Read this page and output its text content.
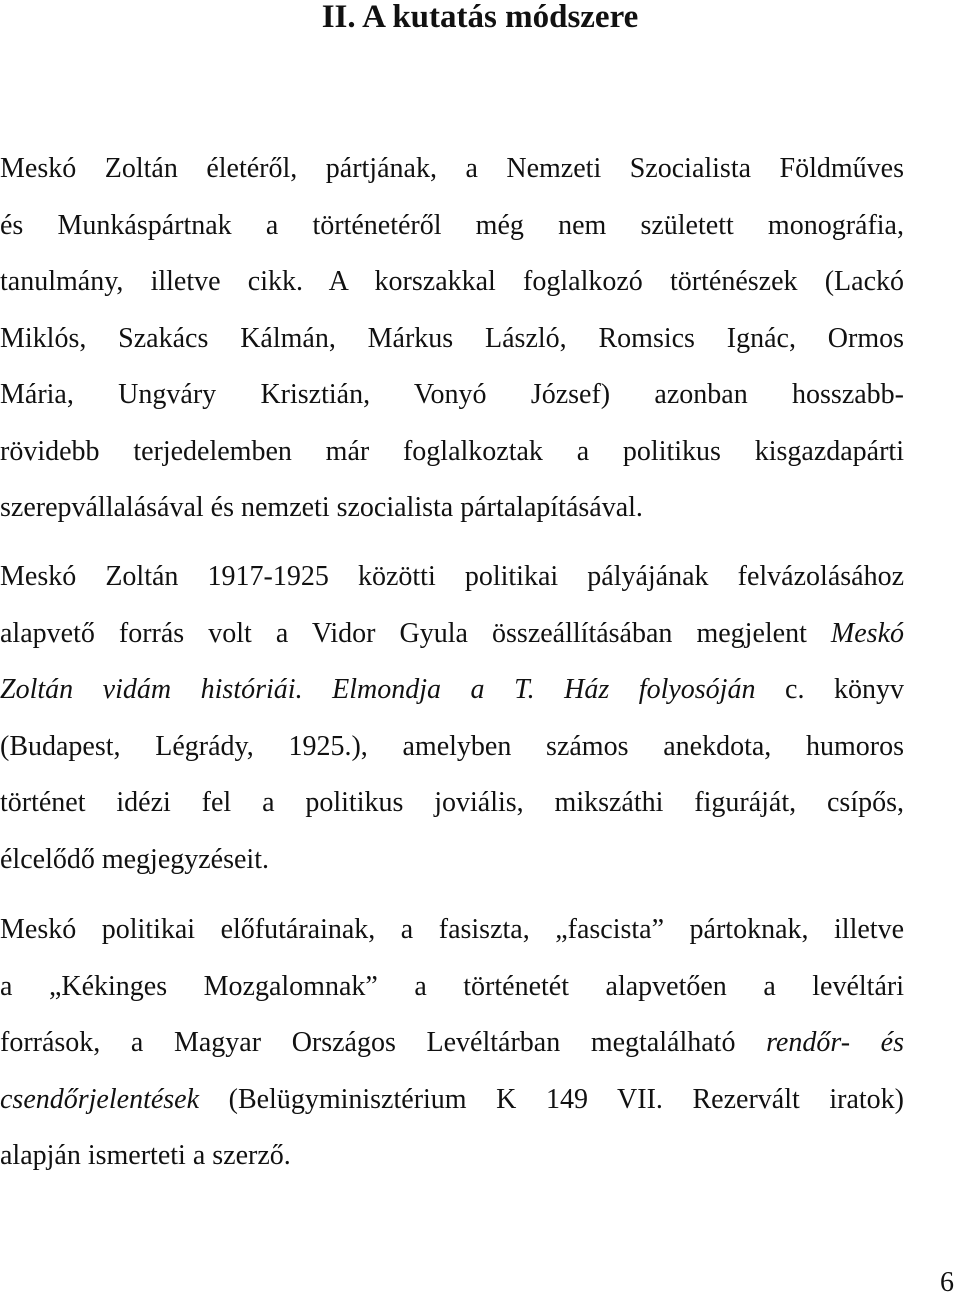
II. A kutatás módszere
Meskó Zoltán életéről, pártjának, a Nemzeti Szocialista Földműves
és Munkáspártnak a történetéről még nem született monográfia,
tanulmány, illetve cikk. A korszakkal foglalkozó történészek (Lackó
Miklós, Szakács Kálmán, Márkus László, Romsics Ignác, Ormos
Mária, Ungváry Krisztián, Vonyó József) azonban hosszabb-
rövidebb terjedelemben már foglalkoztak a politikus kisgazdapárti
szerepvállalásával és nemzeti szocialista pártalapításával.
Meskó Zoltán 1917-1925 közötti politikai pályájának felvázolásához
alapvető forrás volt a Vidor Gyula összeállításában megjelent Meskó
Zoltán vidám históriái. Elmondja a T. Ház folyosóján c. könyv
(Budapest, Légrády, 1925.), amelyben számos anekdota, humoros
történet idézi fel a politikus joviális, mikszáthi figuráját, csípős,
élcelődő megjegyzéseit.
Meskó politikai előfutárainak, a fasiszta, „fascista” pártoknak, illetve
a „Kékinges Mozgalomnak” a történetét alapvetően a levéltári
források, a Magyar Országos Levéltárban megtalálható rendőr- és
csendőrjelentések (Belügyminisztérium K 149 VII. Rezervált iratok)
alapján ismerteti a szerző.
6
